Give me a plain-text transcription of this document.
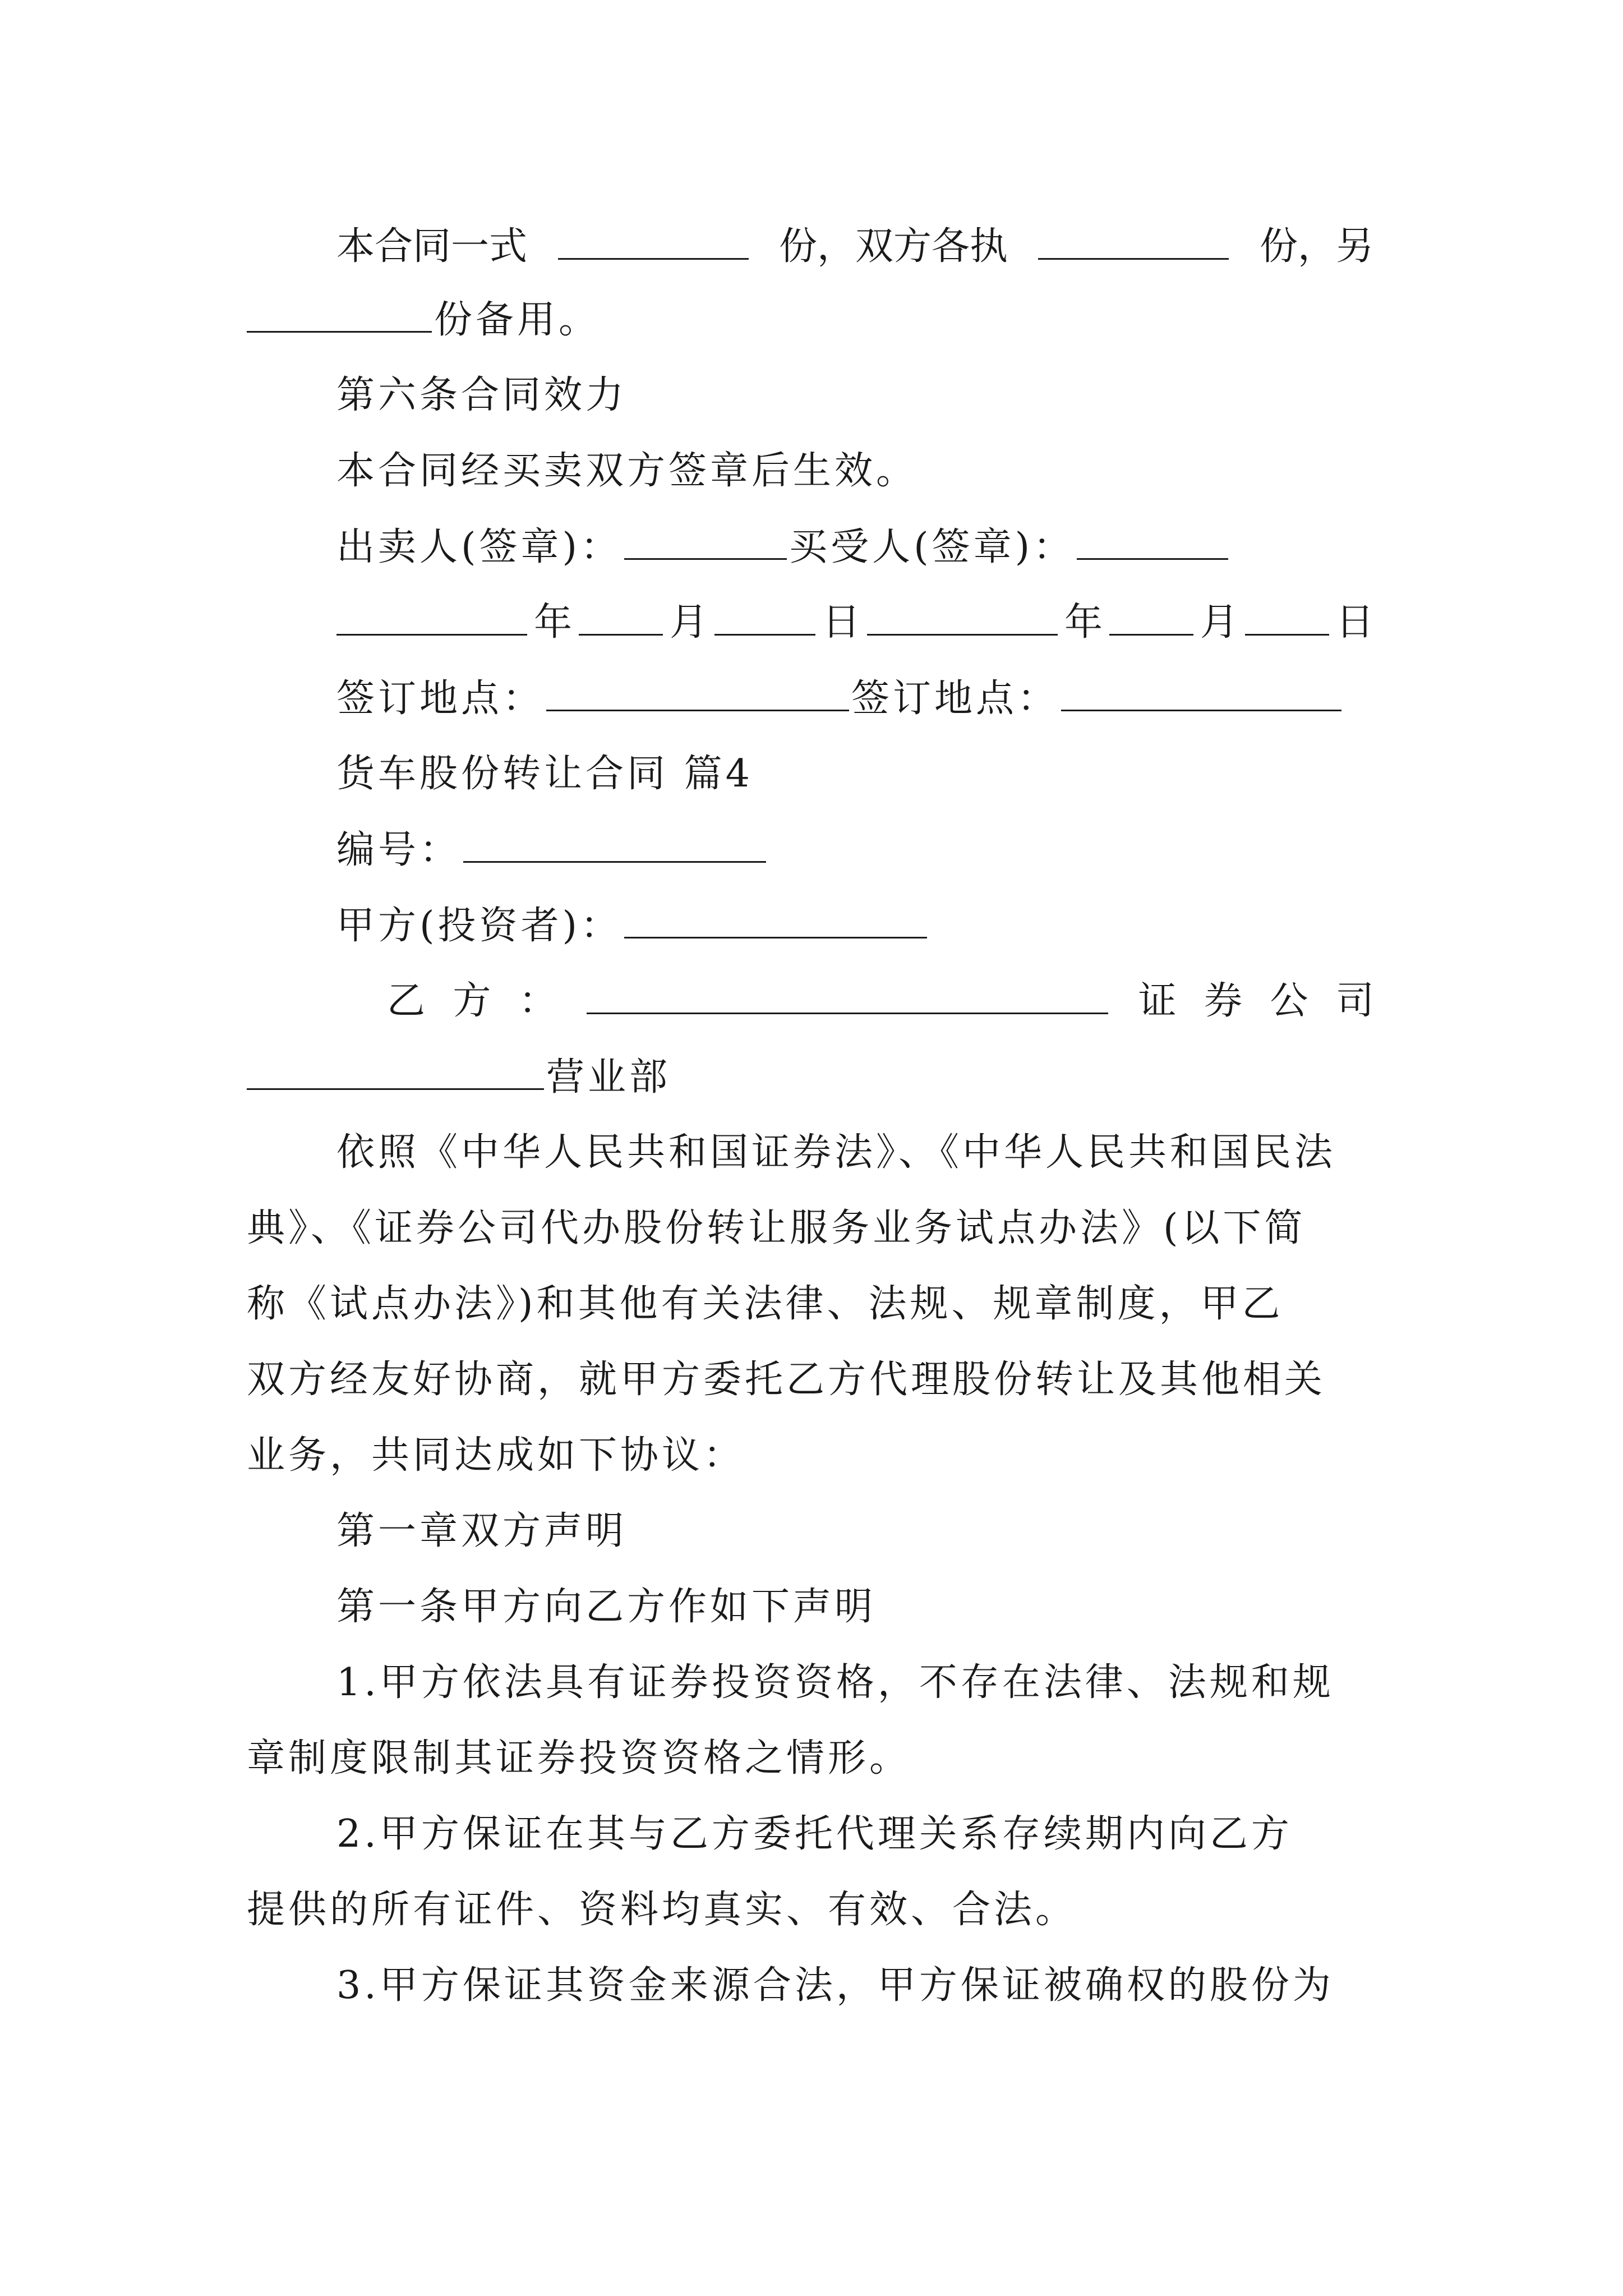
本合同一式	份，双方各执	份，另
份备用。
第六条合同效力
本合同经买卖双方签章后生效。
出卖人(签章)：	买受人(签章)：
年	月	日	年	月	日
签订地点：	签订地点：
货车股份转让合同 篇4
编号：
甲方(投资者)：
乙 方 ：	证 券 公 司
营业部
依照《中华人民共和国证券法》、《中华人民共和国民法
典》、《证券公司代办股份转让服务业务试点办法》(以下简
称《试点办法》)和其他有关法律、法规、规章制度，甲乙
双方经友好协商，就甲方委托乙方代理股份转让及其他相关
业务，共同达成如下协议：
第一章双方声明
第一条甲方向乙方作如下声明
1.甲方依法具有证券投资资格，不存在法律、法规和规
章制度限制其证券投资资格之情形。
2.甲方保证在其与乙方委托代理关系存续期内向乙方
提供的所有证件、资料均真实、有效、合法。
3.甲方保证其资金来源合法，甲方保证被确权的股份为
